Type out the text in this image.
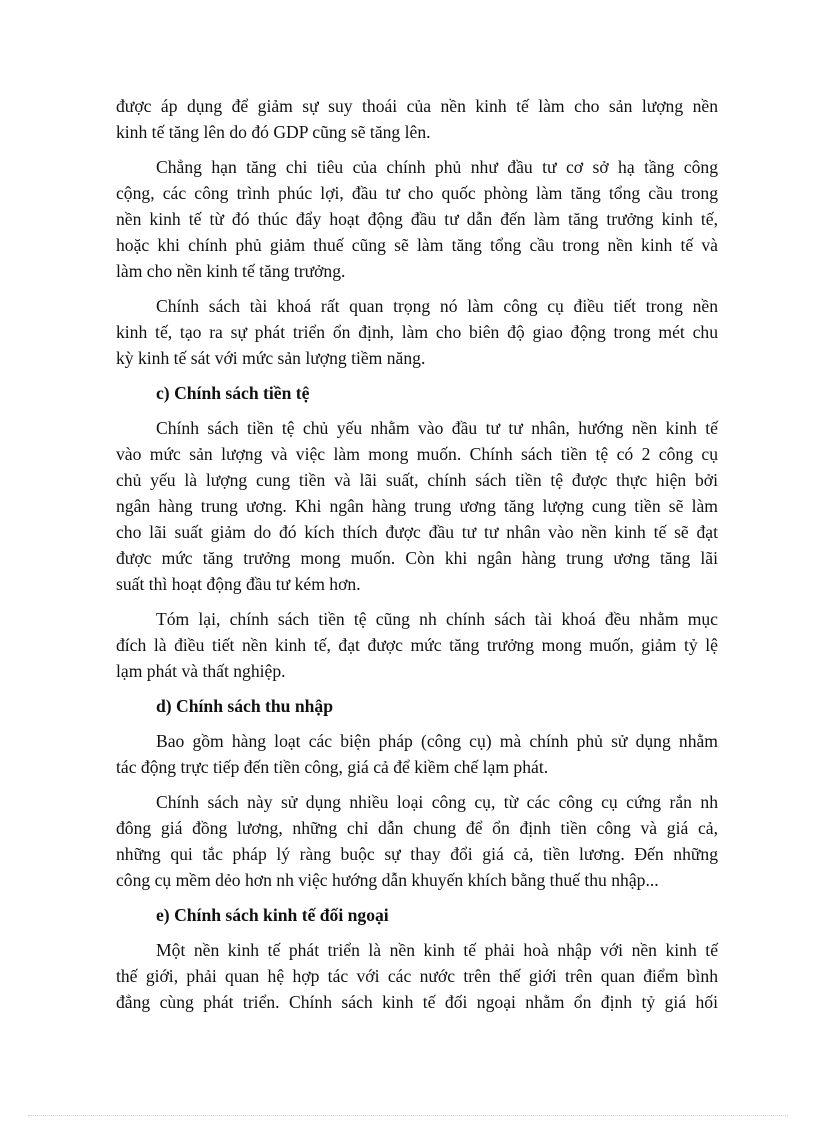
được áp dụng để giảm sự suy thoái của nền kinh tế làm cho sản lượng nền
kinh tế tăng lên do đó GDP cũng sẽ tăng lên.
Chẳng hạn tăng chi tiêu của chính phủ như đầu tư cơ sở hạ tầng công
cộng, các công trình phúc lợi, đầu tư cho quốc phòng làm tăng tổng cầu trong
nền kinh tế từ đó thúc đẩy hoạt động đầu tư dẫn đến làm tăng trưởng kinh tế,
hoặc khi chính phủ giảm thuế cũng sẽ làm tăng tổng cầu trong nền kinh tế và
làm cho nền kinh tế tăng trưởng.
Chính sách tài khoá rất quan trọng nó làm công cụ điều tiết trong nền
kinh tế, tạo ra sự phát triển ổn định, làm cho biên độ giao động trong mét chu
kỳ kinh tế sát với mức sản lượng tiềm năng.
c) Chính sách tiền tệ
Chính sách tiền tệ chủ yếu nhằm vào đầu tư tư nhân, hướng nền kinh tế
vào mức sản lượng và việc làm mong muốn. Chính sách tiền tệ có 2 công cụ
chủ yếu là lượng cung tiền và lãi suất, chính sách tiền tệ được thực hiện bởi
ngân hàng trung ương. Khi ngân hàng trung ương tăng lượng cung tiền sẽ làm
cho lãi suất giảm do đó kích thích được đầu tư tư nhân vào nền kinh tế sẽ đạt
được mức tăng trưởng mong muốn. Còn khi ngân hàng trung ương tăng lãi
suất thì hoạt động đầu tư kém hơn.
Tóm lại, chính sách tiền tệ cũng nh chính sách tài khoá đều nhằm mục
đích là điều tiết nền kinh tế, đạt được mức tăng trưởng mong muốn, giảm tỷ lệ
lạm phát và thất nghiệp.
d) Chính sách thu nhập
Bao gồm hàng loạt các biện pháp (công cụ) mà chính phủ sử dụng nhằm
tác động trực tiếp đến tiền công, giá cả để kiềm chế lạm phát.
Chính sách này sử dụng nhiều loại công cụ, từ các công cụ cứng rắn nh
đông giá đồng lương, những chỉ dẫn chung để ổn định tiền công và giá cả,
những qui tắc pháp lý ràng buộc sự thay đổi giá cả, tiền lương. Đến những
công cụ mềm dẻo hơn nh việc hướng dẫn khuyến khích bằng thuế thu nhập...
e) Chính sách kinh tế đối ngoại
Một nền kinh tế phát triển là nền kinh tế phải hoà nhập với nền kinh tế
thế giới, phải quan hệ hợp tác với các nước trên thế giới trên quan điểm bình
đẳng cùng phát triển. Chính sách kinh tế đối ngoại nhằm ổn định tỷ giá hối
